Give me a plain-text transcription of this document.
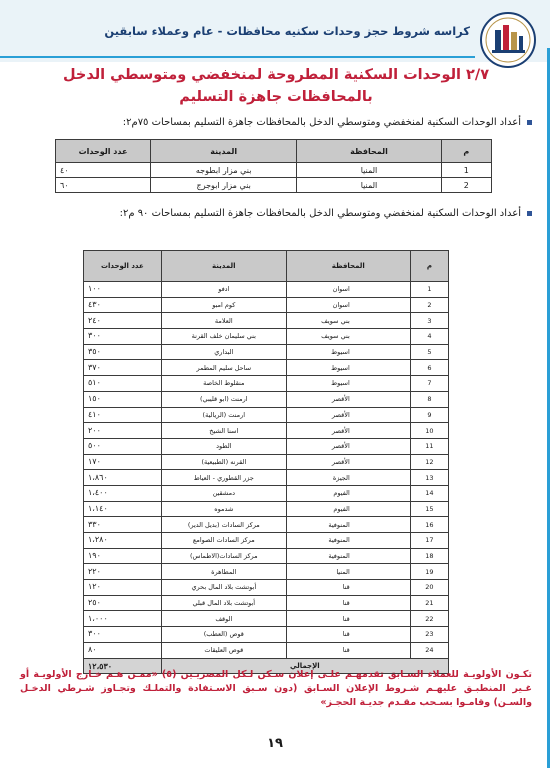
كراسه شروط حجز وحدات سكنيه محافظات - عام وعملاء سابقين
٢/٧ الوحدات السكنية المطروحة لمنخفضي ومتوسطي الدخل بالمحافظات جاهزة التسليم
أعداد الوحدات السكنية لمنخفضي ومتوسطي الدخل بالمحافظات جاهزة التسليم بمساحات ٧٥م٢:
م	المحافظة	المدينة	عدد الوحدات
1	المنيا	بني مزار ابطوجه	٤٠
2	المنيا	بني مزار ابوجرج	٦٠
أعداد الوحدات السكنية لمنخفضي ومتوسطي الدخل بالمحافظات جاهزة التسليم بمساحات ٩٠ م٢:
م	المحافظة	المدينة	عدد الوحدات
1	اسوان	ادفو	١٠٠
2	اسوان	كوم امبو	٤٣٠
3	بني سويف	العلامة	٢٤٠
4	بني سويف	بني سليمان خلف القرنة	٣٠٠
5	اسيوط	البداري	٣٥٠
6	اسيوط	ساحل سليم المطمر	٣٧٠
7	اسيوط	منقلوط الخاصة	٥١٠
8	الأقصر	ارمنت (ابو قليبي)	١٥٠
9	الأقصر	ارمنت (الريالية)	٤١٠
10	الأقصر	اسنا الشيخ	٢٠٠
11	الأقصر	الطود	٥٠٠
12	الأقصر	القرنه (الطبيعية)	١٧٠
13	الجيزة	جزر القطوري - العياط	١،٨٦٠
14	الفيوم	دمشقين	١،٤٠٠
15	الفيوم	شدموه	١،١٤٠
16	المنوفية	مركز السادات (بديل الدير)	٣٣٠
17	المنوفية	مركز السادات الصوامع	١،٢٨٠
18	المنوفية	مركز السادات(الاطماس)	١٩٠
19	المنيا	المطاهرة	٢٢٠
20	قنا	أبوتشت بلاد المال بحري	١٢٠
21	قنا	أبوتشت بلاد المال قبلي	٢٥٠
22	قنا	الوقف	١،٠٠٠
23	قنا	قوص (العطب)	٣٠٠
24	قنا	قوص العليقات	٨٠
الإجمالي			١٢،٥٣٠
تكـون الأولويـة للعملاء السـابق تقدمهـم علـى إعلان سـكن لـكل المصريـين (٥) «ممـن هـم خـارج الأولويـة أو غـير المنطبـق عليهـم شـروط الإعلان السـابق (دون سـبق الاسـتفادة والتملـك وتجـاوز شـرطي الدخـل والسـن) وقامـوا بسـحب مقـدم جديـة الحجـز»
١٩
